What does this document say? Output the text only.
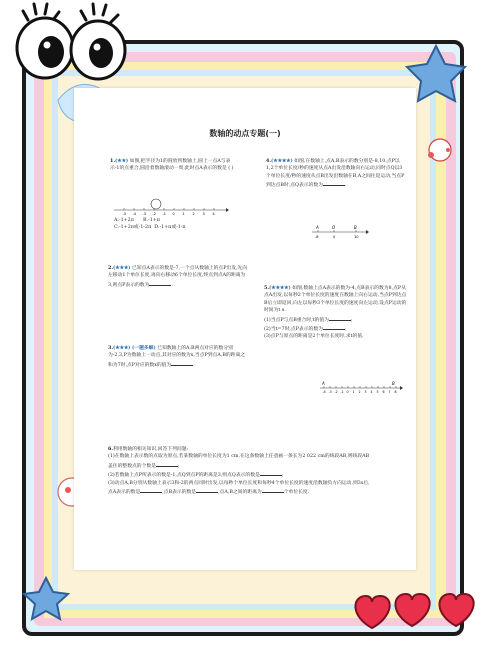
数轴的动点专题(一)
1.(★★) 如图,把半径为1的圆放到数轴上,圆上一点A与表示-1的点重合,圆沿着数轴滚动一周,此时点A表示的数是 ( )
-3 -4 -3 -2 -1 0 1 2 3 4
A.-1+2π B.-1+π
C.-1+2π或-1-2π D.-1+π或-1-π
2.(★★★) 已知点A表示的数是-7,一个点从数轴上的点P出发,先向左移动1个单位长度,再向右移动6个单位长度,终点到点A的距离为3,则点P表示的数为	.
3.(★★★) (一题多解) 已知数轴上的A,B两点对应的数分别为-2,3,P为数轴上一动点,其对应的数为x,当点P到点A,B的距离之和为7时,点P对应的数x的值为	.
4.(★★★★) 如图,在数轴上,点A,B表示的数分别是-8,10,点P以1,2个单位长度/秒的速度从点A出发沿数轴向右运动,同时点Q以3个单位长度/秒的速度从点B出发沿数轴在B,A之间往返运动,当点P到达点B时,点Q表示的数为	.
A	O	B
-8	0	10
5.(★★★★) 如图,数轴上点A表示的数为-4,点B表示的数为8,点P从点A出发,以每秒2个单位长度的速度在数轴上向右运动,当点P到达点B后立即返回,向左以每秒3个单位长度的速度向左运动,设点P运动的时间为t s.
(1)当点P与点B重合时,t的值为	;
(2)当t=7时,点P表示的数为	;
(3)点P与原点的距离是2个单位长度时,求t的值.
A	B
-4 -3 -2 -1 0 1 2 3 4 5 6 7 8
6.利用数轴的相关知识,回答下列问题:
(1)在数轴上表示数的点取为原点,若某数轴的单位长度为1 cm,在这条数轴上任意画一条长为2 022 cm的线段AB,则线段AB盖住的整数点的个数是	;
(2)若数轴上点P所表示的数是-1,点Q到点P的距离是3,则点Q表示的数是	;
(3)动点A,B分别从数轴上表示3和-2的两点同时出发,以每秒个单位长度和每秒4个单位长度的速度沿数轴负方向运动,则3s后,点A表示的数是	,点B表示的数是	,点A,B之间的距离为	个单位长度.
